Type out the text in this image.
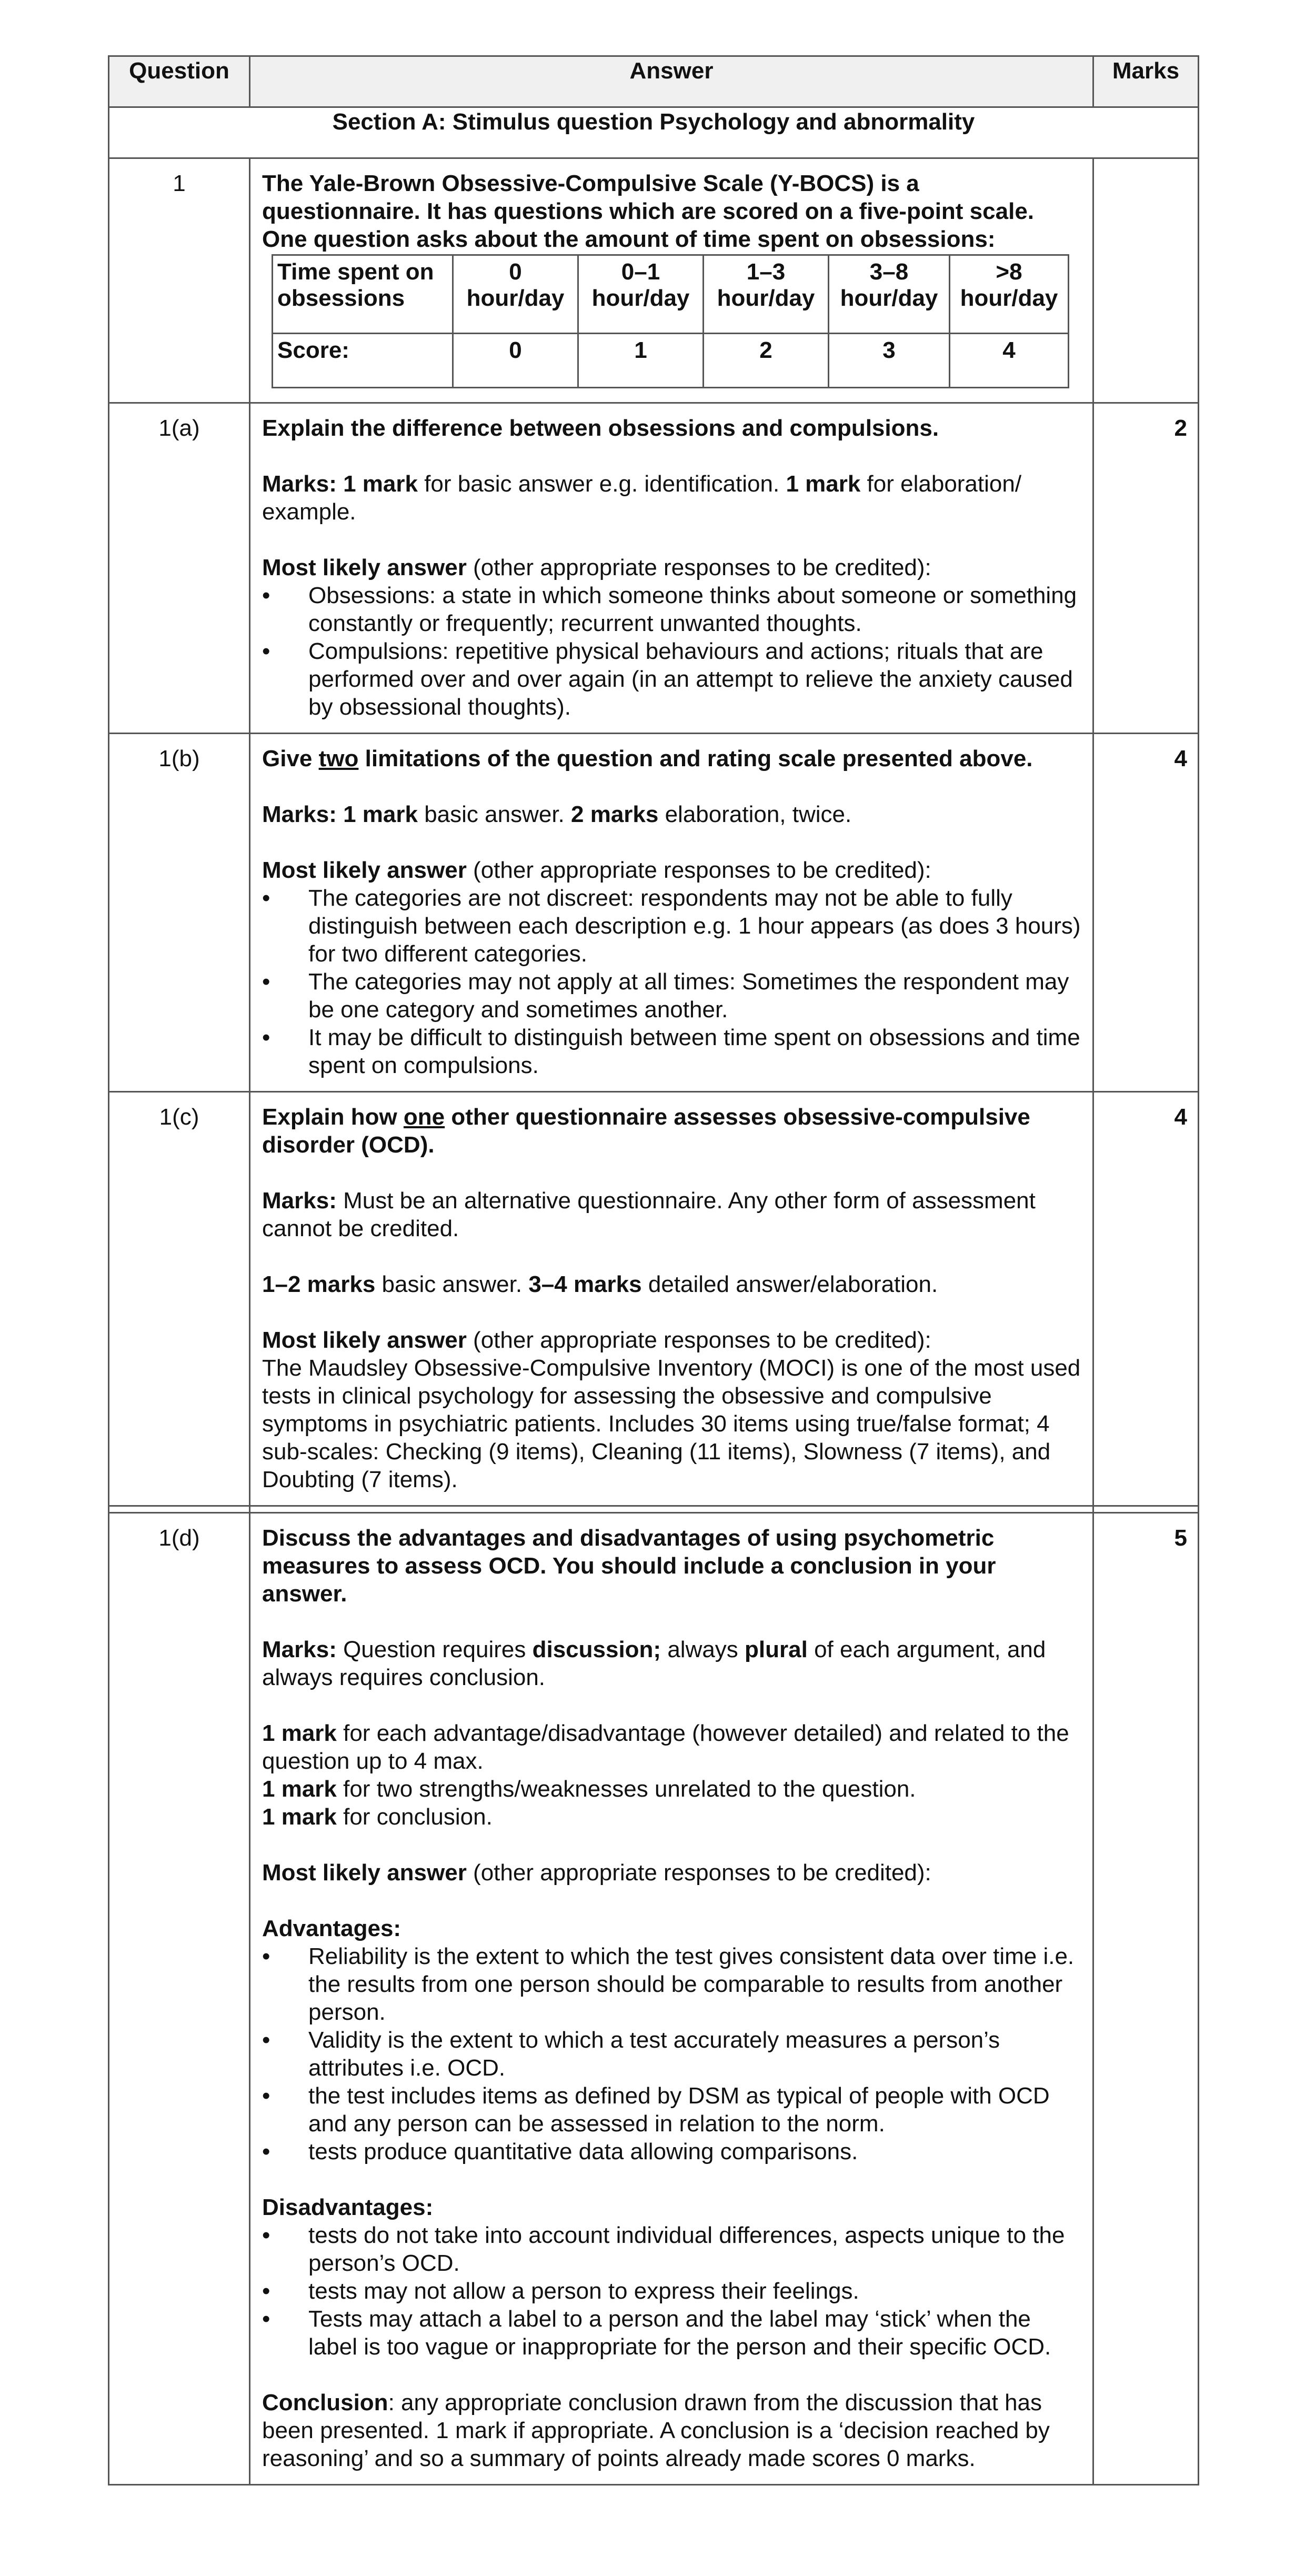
Question	Answer	Marks
Section A: Stimulus question Psychology and abnormality
1	The Yale-Brown Obsessive-Compulsive Scale (Y-BOCS) is a questionnaire. It has questions which are scored on a five-point scale. One question asks about the amount of time spent on obsessions:

Time spent on obsessions	0 hour/day	0–1 hour/day	1–3 hour/day	3–8 hour/day	>8 hour/day
Score:	0	1	2	3	4

1(a)	Explain the difference between obsessions and compulsions.

Marks: 1 mark for basic answer e.g. identification. 1 mark for elaboration/ example.

Most likely answer (other appropriate responses to be credited):

• Obsessions: a state in which someone thinks about someone or something constantly or frequently; recurrent unwanted thoughts.
• Compulsions: repetitive physical behaviours and actions; rituals that are performed over and over again (in an attempt to relieve the anxiety caused by obsessional thoughts).
	2
1(b)	Give two limitations of the question and rating scale presented above.

Marks: 1 mark basic answer. 2 marks elaboration, twice.

Most likely answer (other appropriate responses to be credited):

• The categories are not discreet: respondents may not be able to fully distinguish between each description e.g. 1 hour appears (as does 3 hours) for two different categories.
• The categories may not apply at all times: Sometimes the respondent may be one category and sometimes another.
• It may be difficult to distinguish between time spent on obsessions and time spent on compulsions.
	4
1(c)	Explain how one other questionnaire assesses obsessive-compulsive disorder (OCD).

Marks: Must be an alternative questionnaire. Any other form of assessment cannot be credited.

1–2 marks basic answer. 3–4 marks detailed answer/elaboration.

Most likely answer (other appropriate responses to be credited):

The Maudsley Obsessive-Compulsive Inventory (MOCI) is one of the most used tests in clinical psychology for assessing the obsessive and compulsive symptoms in psychiatric patients. Includes 30 items using true/false format; 4 sub-scales: Checking (9 items), Cleaning (11 items), Slowness (7 items), and Doubting (7 items).

	4

1(d)	Discuss the advantages and disadvantages of using psychometric measures to assess OCD. You should include a conclusion in your answer.

Marks: Question requires discussion; always plural of each argument, and always requires conclusion.

1 mark for each advantage/disadvantage (however detailed) and related to the question up to 4 max.

1 mark for two strengths/weaknesses unrelated to the question.

1 mark for conclusion.

Most likely answer (other appropriate responses to be credited):

Advantages:

• Reliability is the extent to which the test gives consistent data over time i.e. the results from one person should be comparable to results from another person.
• Validity is the extent to which a test accurately measures a person’s attributes i.e. OCD.
• the test includes items as defined by DSM as typical of people with OCD and any person can be assessed in relation to the norm.
• tests produce quantitative data allowing comparisons.

Disadvantages:

• tests do not take into account individual differences, aspects unique to the person’s OCD.
• tests may not allow a person to express their feelings.
• Tests may attach a label to a person and the label may ‘stick’ when the label is too vague or inappropriate for the person and their specific OCD.

Conclusion: any appropriate conclusion drawn from the discussion that has been presented. 1 mark if appropriate. A conclusion is a ‘decision reached by reasoning’ and so a summary of points already made scores 0 marks.

	5
